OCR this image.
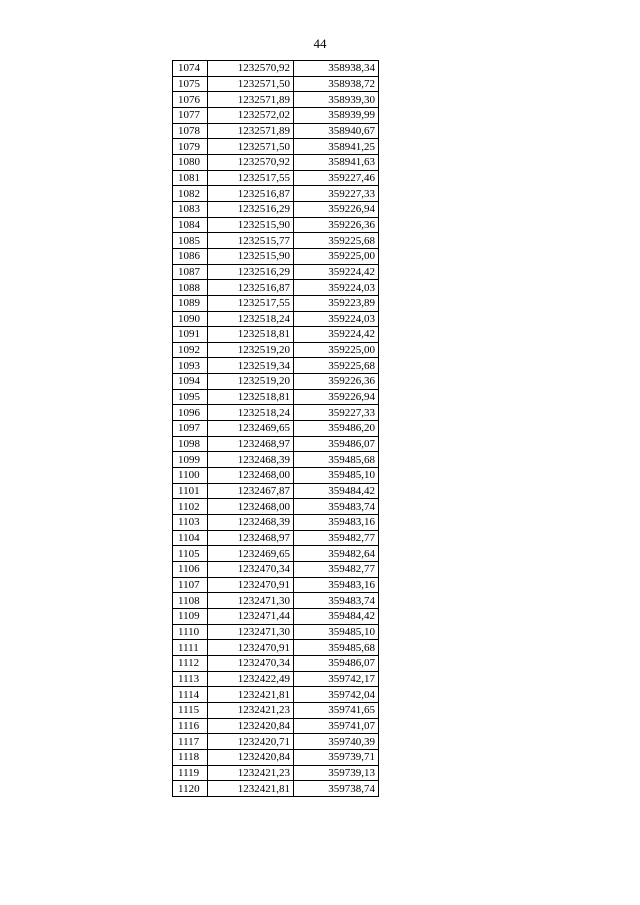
44
1074	1232570,92	358938,34
1075	1232571,50	358938,72
1076	1232571,89	358939,30
1077	1232572,02	358939,99
1078	1232571,89	358940,67
1079	1232571,50	358941,25
1080	1232570,92	358941,63
1081	1232517,55	359227,46
1082	1232516,87	359227,33
1083	1232516,29	359226,94
1084	1232515,90	359226,36
1085	1232515,77	359225,68
1086	1232515,90	359225,00
1087	1232516,29	359224,42
1088	1232516,87	359224,03
1089	1232517,55	359223,89
1090	1232518,24	359224,03
1091	1232518,81	359224,42
1092	1232519,20	359225,00
1093	1232519,34	359225,68
1094	1232519,20	359226,36
1095	1232518,81	359226,94
1096	1232518,24	359227,33
1097	1232469,65	359486,20
1098	1232468,97	359486,07
1099	1232468,39	359485,68
1100	1232468,00	359485,10
1101	1232467,87	359484,42
1102	1232468,00	359483,74
1103	1232468,39	359483,16
1104	1232468,97	359482,77
1105	1232469,65	359482,64
1106	1232470,34	359482,77
1107	1232470,91	359483,16
1108	1232471,30	359483,74
1109	1232471,44	359484,42
1110	1232471,30	359485,10
1111	1232470,91	359485,68
1112	1232470,34	359486,07
1113	1232422,49	359742,17
1114	1232421,81	359742,04
1115	1232421,23	359741,65
1116	1232420,84	359741,07
1117	1232420,71	359740,39
1118	1232420,84	359739,71
1119	1232421,23	359739,13
1120	1232421,81	359738,74
